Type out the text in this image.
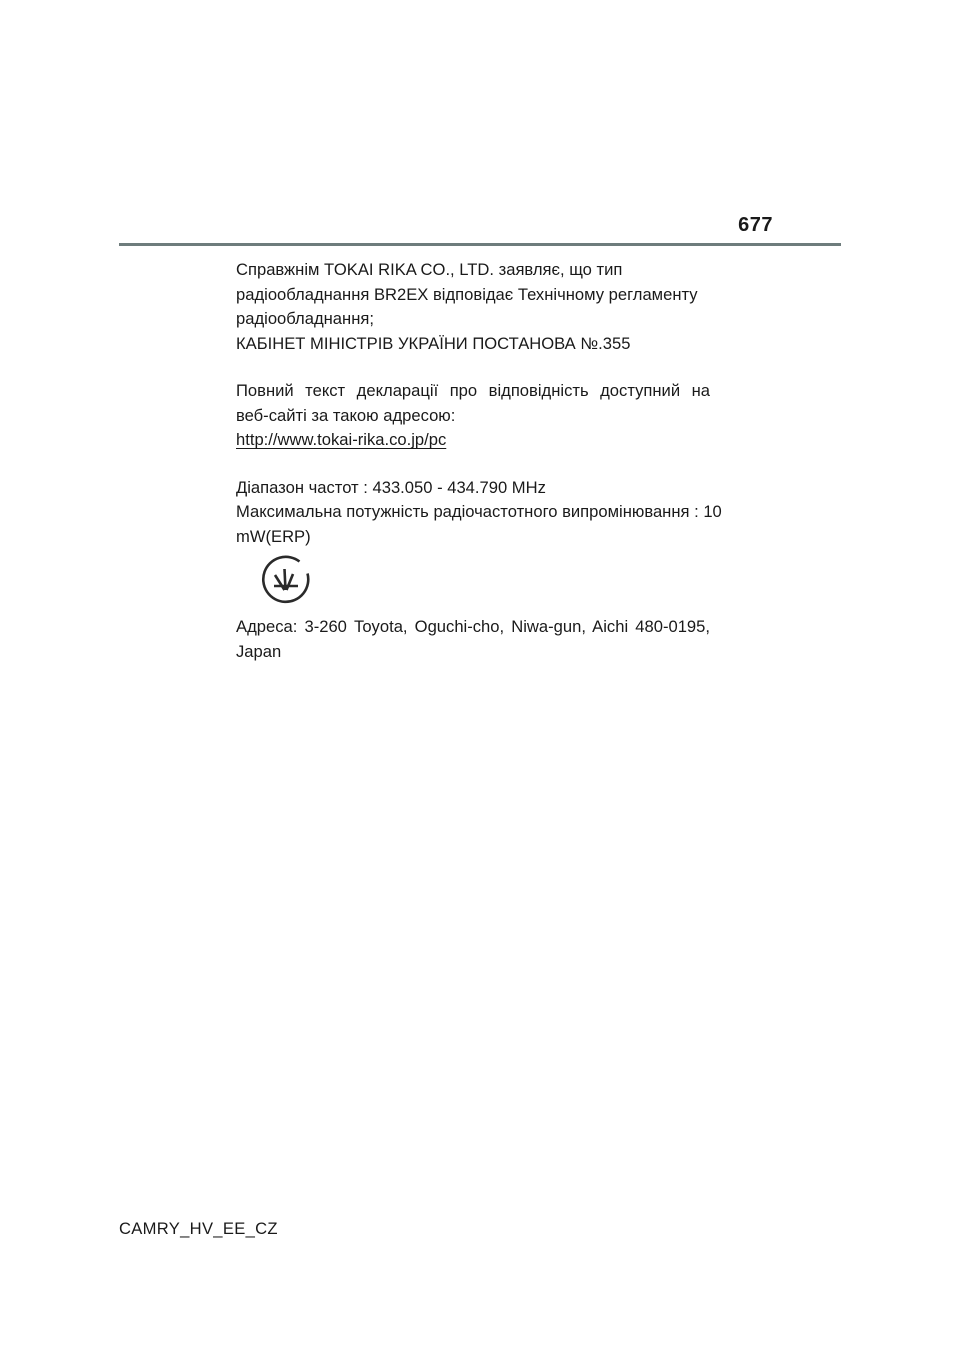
677
Справжнім TOKAI RIKA CO., LTD. заявляє, що тип
радіообладнання BR2EX відповідає Технічному регламенту
радіообладнання;
КАБІНЕТ МІНІСТРІВ УКРАЇНИ ПОСТАНОВА №.355
Повний текст декларації про відповідність доступний на
веб-сайті за такою адресою:
http://www.tokai-rika.co.jp/pc
Діапазон частот : 433.050 - 434.790 MHz
Максимальна потужність радіочастотного випромінювання : 10
mW(ERP)
Адреса: 3-260 Toyota, Oguchi-cho, Niwa-gun, Aichi 480-0195,
Japan
CAMRY_HV_EE_CZ
